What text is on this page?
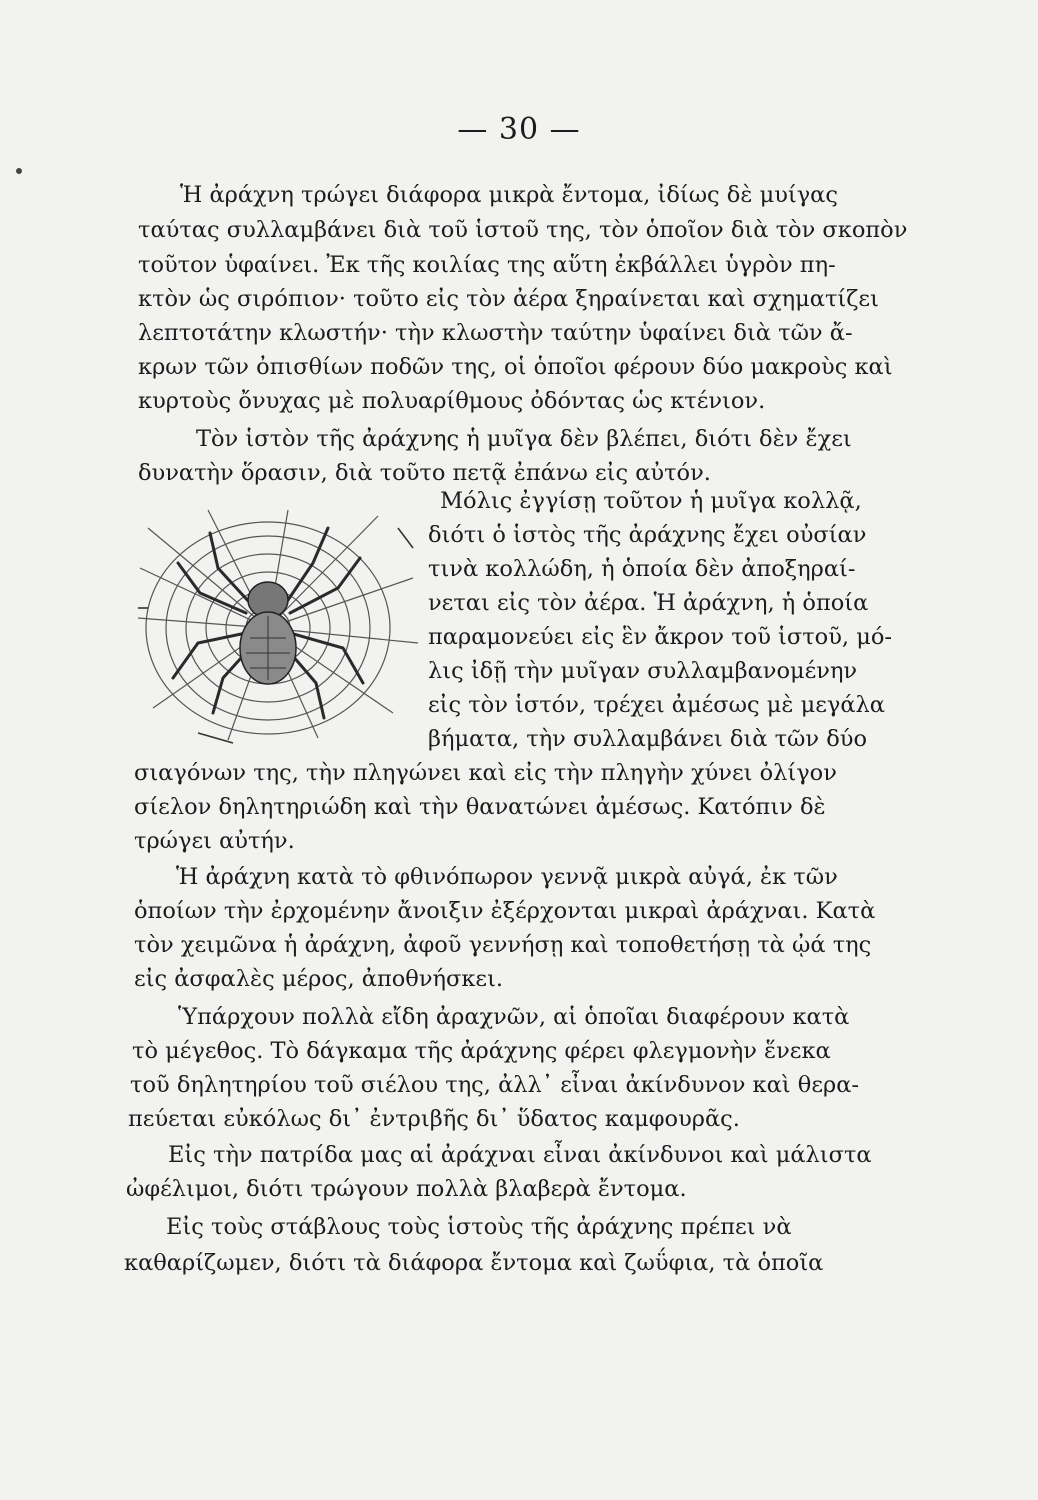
— 30 —
Ἡ ἀράχνη τρώγει διάφορα μικρὰ ἔντομα, ἰδίως δὲ μυίγας
ταύτας συλλαμβάνει διὰ τοῦ ἱστοῦ της, τὸν ὁποῖον διὰ τὸν σκοπὸν
τοῦτον ὑφαίνει. Ἐκ τῆς κοιλίας της αὕτη ἐκβάλλει ὑγρὸν πη-
κτὸν ὡς σιρόπιον· τοῦτο εἰς τὸν ἀέρα ξηραίνεται καὶ σχηματίζει
λεπτοτάτην κλωστήν· τὴν κλωστὴν ταύτην ὑφαίνει διὰ τῶν ἄ-
κρων τῶν ὀπισθίων ποδῶν της, οἱ ὁποῖοι φέρουν δύο μακροὺς καὶ
κυρτοὺς ὄνυχας μὲ πολυαρίθμους ὀδόντας ὡς κτένιον.
Τὸν ἱστὸν τῆς ἀράχνης ἡ μυῖγα δὲν βλέπει, διότι δὲν ἔχει
δυνατὴν ὅρασιν, διὰ τοῦτο πετᾷ ἐπάνω εἰς αὐτόν.
Μόλις ἐγγίσῃ τοῦτον ἡ μυῖγα κολλᾷ,
διότι ὁ ἱστὸς τῆς ἀράχνης ἔχει οὐσίαν
τινὰ κολλώδη, ἡ ὁποία δὲν ἀποξηραί-
νεται εἰς τὸν ἀέρα. Ἡ ἀράχνη, ἡ ὁποία
παραμονεύει εἰς ἓν ἄκρον τοῦ ἱστοῦ, μό-
λις ἰδῇ τὴν μυῖγαν συλλαμβανομένην
εἰς τὸν ἱστόν, τρέχει ἀμέσως μὲ μεγάλα
βήματα, τὴν συλλαμβάνει διὰ τῶν δύο
σιαγόνων της, τὴν πληγώνει καὶ εἰς τὴν πληγὴν χύνει ὀλίγον
σίελον δηλητηριώδη καὶ τὴν θανατώνει ἀμέσως. Κατόπιν δὲ
τρώγει αὐτήν.
Ἡ ἀράχνη κατὰ τὸ φθινόπωρον γεννᾷ μικρὰ αὐγά, ἐκ τῶν
ὁποίων τὴν ἐρχομένην ἄνοιξιν ἐξέρχονται μικραὶ ἀράχναι. Κατὰ
τὸν χειμῶνα ἡ ἀράχνη, ἀφοῦ γεννήσῃ καὶ τοποθετήσῃ τὰ ᾠά της
εἰς ἀσφαλὲς μέρος, ἀποθνήσκει.
Ὑπάρχουν πολλὰ εἴδη ἀραχνῶν, αἱ ὁποῖαι διαφέρουν κατὰ
τὸ μέγεθος. Τὸ δάγκαμα τῆς ἀράχνης φέρει φλεγμονὴν ἕνεκα
τοῦ δηλητηρίου τοῦ σιέλου της, ἀλλ᾽ εἶναι ἀκίνδυνον καὶ θερα-
πεύεται εὐκόλως δι᾽ ἐντριβῆς δι᾽ ὕδατος καμφουρᾶς.
Εἰς τὴν πατρίδα μας αἱ ἀράχναι εἶναι ἀκίνδυνοι καὶ μάλιστα
ὠφέλιμοι, διότι τρώγουν πολλὰ βλαβερὰ ἔντομα.
Εἰς τοὺς στάβλους τοὺς ἱστοὺς τῆς ἀράχνης πρέπει νὰ
καθαρίζωμεν, διότι τὰ διάφορα ἔντομα καὶ ζωΰφια, τὰ ὁποῖα
